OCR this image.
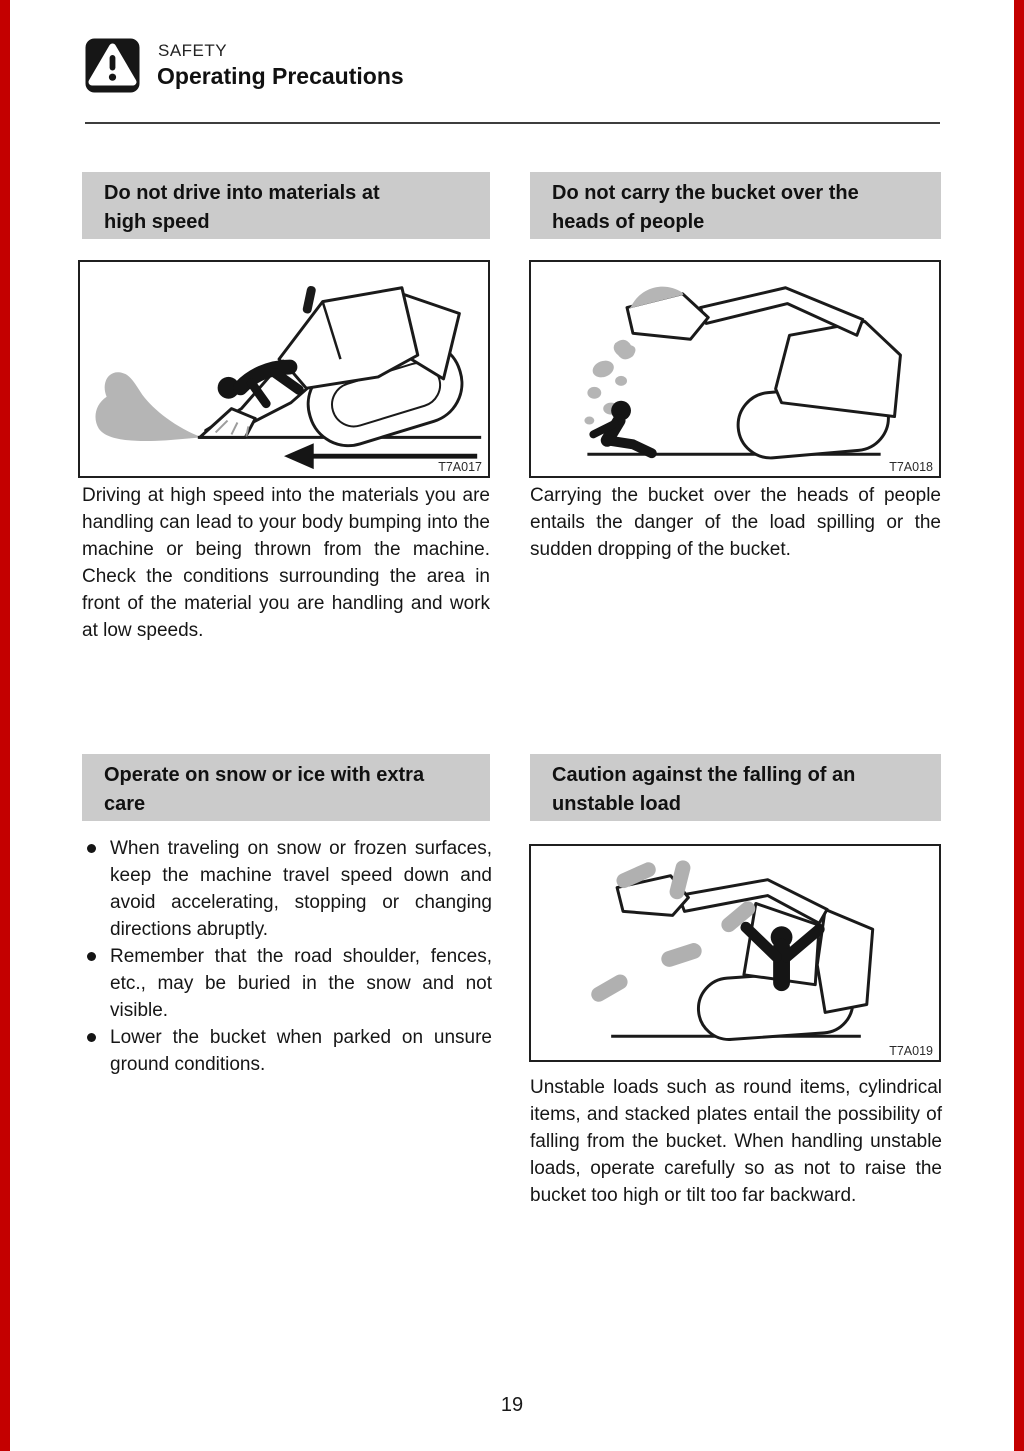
SAFETY
Operating Precautions
Do not drive into materials at
high speed
T7A017

Driving at high speed into the materials you are handling can lead to your body bumping into the machine or being thrown from the machine. Check the conditions surrounding the area in front of the material you are handling and work at low speeds.

Do not carry the bucket over the
heads of people
T7A018

Carrying the bucket over the heads of people entails the danger of the load spilling or the sudden dropping of the bucket.

Operate on snow or ice with extra
care
When traveling on snow or frozen surfaces, keep the machine travel speed down and avoid accelerating, stopping or changing directions abruptly.
Remember that the road shoulder, fences, etc., may be buried in the snow and not visible.
Lower the bucket when parked on unsure ground conditions.
Caution against the falling of an
unstable load
T7A019

Unstable loads such as round items, cylindrical items, and stacked plates entail the possibility of falling from the bucket. When handling unstable loads, operate carefully so as not to raise the bucket too high or tilt too far backward.

19
